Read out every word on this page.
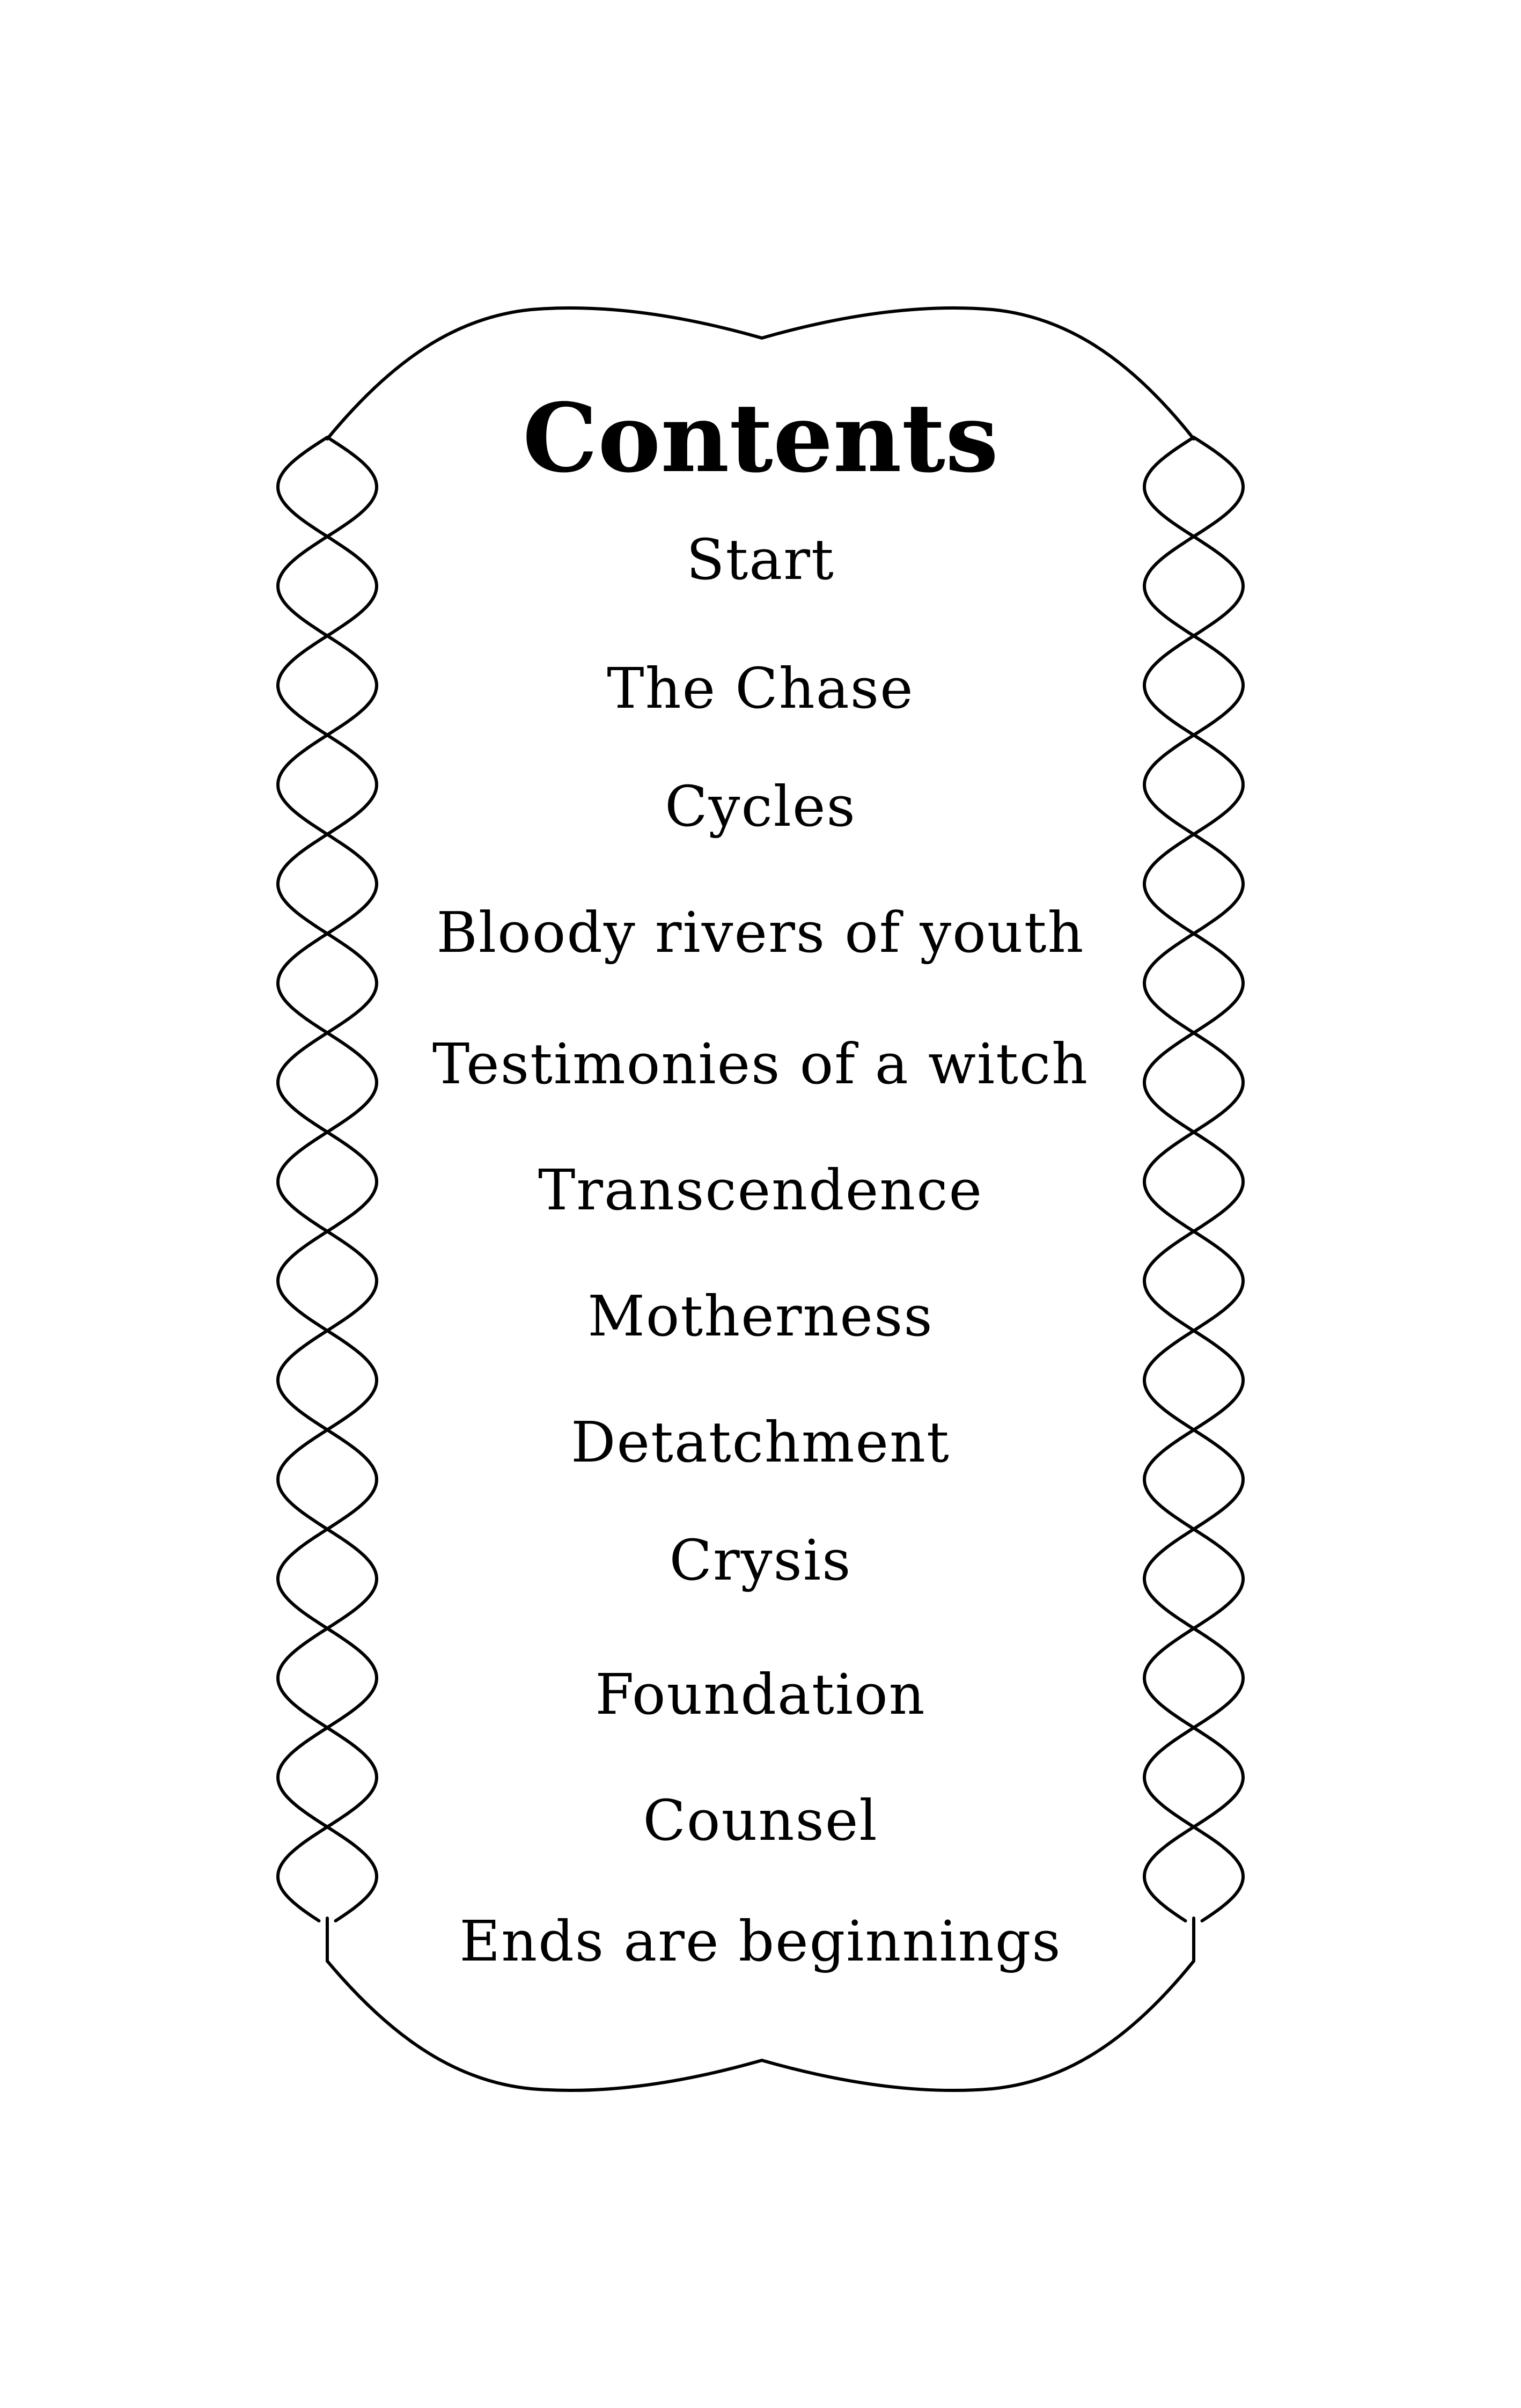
Contents
Start
The Chase
Cycles
Bloody rivers of youth
Testimonies of a witch
Transcendence
Motherness
Detatchment
Crysis
Foundation
Counsel
Ends are beginnings
